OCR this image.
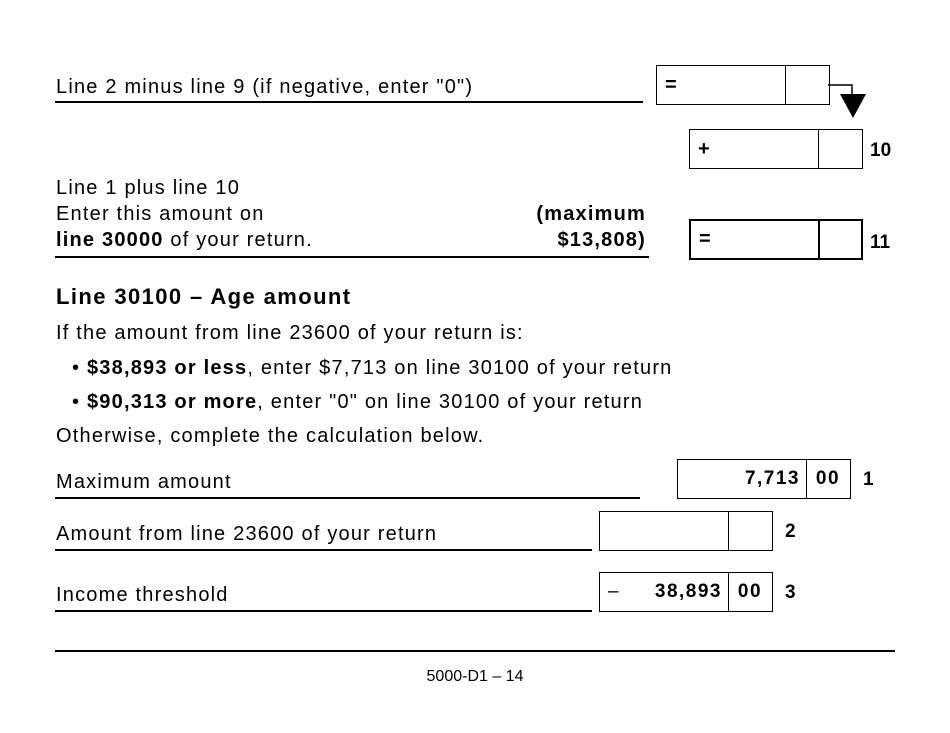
Line 2 minus line 9 (if negative, enter "0")	=
+	10
Line 1 plus line 10
Enter this amount on
line 30000 of your return.
(maximum
$13,808)	=	11
Line 30100 – Age amount
If the amount from line 23600 of your return is:
• $38,893 or less, enter $7,713 on line 30100 of your return
• $90,313 or more, enter "0" on line 30100 of your return
Otherwise, complete the calculation below.
Maximum amount	7,713 00	1
Amount from line 23600 of your return	2
Income threshold	–	38,893 00	3
5000-D1 – 14
